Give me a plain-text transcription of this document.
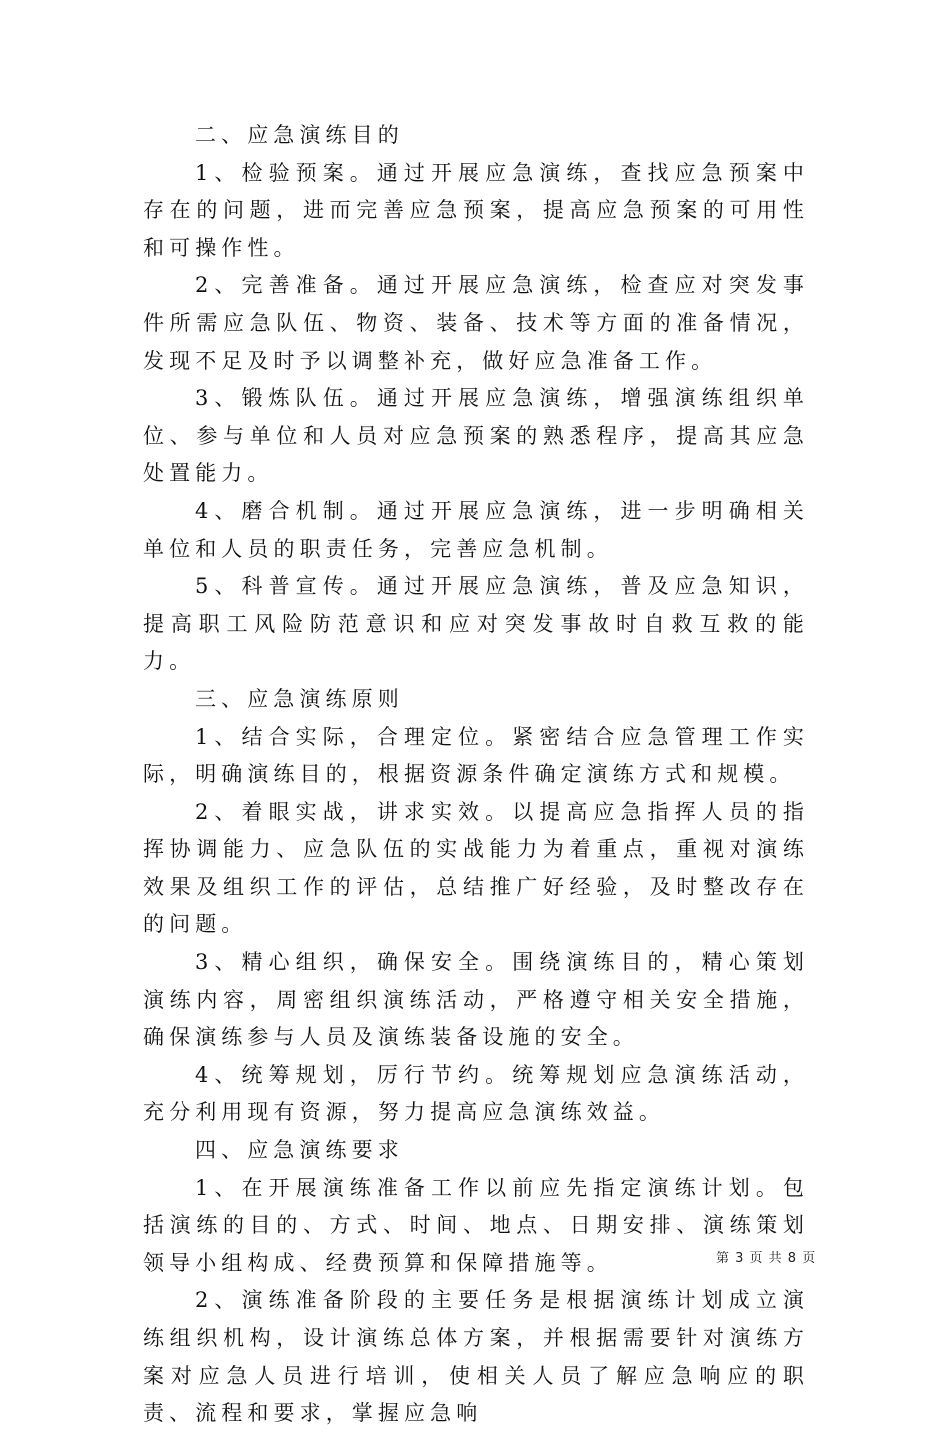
二、应急演练目的

1、检验预案。通过开展应急演练，查找应急预案中存在的问题，进而完善应急预案，提高应急预案的可用性和可操作性。

2、完善准备。通过开展应急演练，检查应对突发事件所需应急队伍、物资、装备、技术等方面的准备情况，发现不足及时予以调整补充，做好应急准备工作。

3、锻炼队伍。通过开展应急演练，增强演练组织单位、参与单位和人员对应急预案的熟悉程序，提高其应急处置能力。

4、磨合机制。通过开展应急演练，进一步明确相关单位和人员的职责任务，完善应急机制。

5、科普宣传。通过开展应急演练，普及应急知识，提高职工风险防范意识和应对突发事故时自救互救的能力。

三、应急演练原则

1、结合实际，合理定位。紧密结合应急管理工作实际，明确演练目的，根据资源条件确定演练方式和规模。

2、着眼实战，讲求实效。以提高应急指挥人员的指挥协调能力、应急队伍的实战能力为着重点，重视对演练效果及组织工作的评估，总结推广好经验，及时整改存在的问题。

3、精心组织，确保安全。围绕演练目的，精心策划演练内容，周密组织演练活动，严格遵守相关安全措施，确保演练参与人员及演练装备设施的安全。

4、统筹规划，厉行节约。统筹规划应急演练活动，充分利用现有资源，努力提高应急演练效益。

四、应急演练要求

1、在开展演练准备工作以前应先指定演练计划。包括演练的目的、方式、时间、地点、日期安排、演练策划领导小组构成、经费预算和保障措施等。

2、演练准备阶段的主要任务是根据演练计划成立演练组织机构，设计演练总体方案，并根据需要针对演练方案对应急人员进行培训，使相关人员了解应急响应的职责、流程和要求，掌握应急响

第 3 页 共 8 页
